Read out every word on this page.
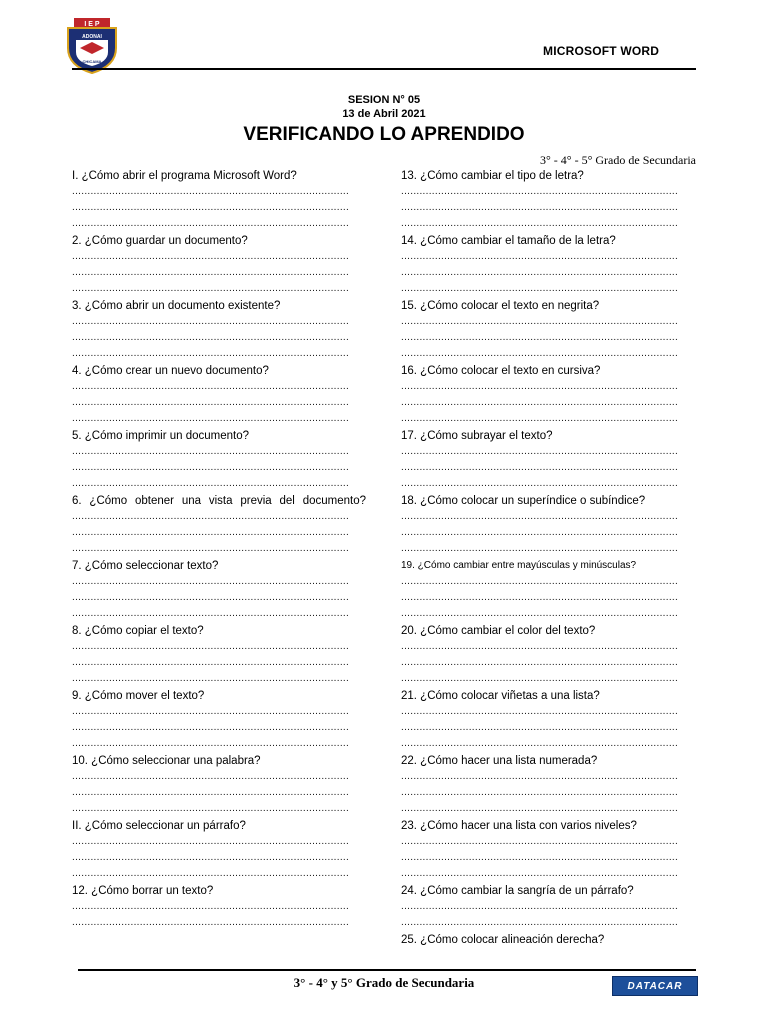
I E P
ADONAI
CHICAMA
MICROSOFT WORD
SESION N° 05
13 de Abril 2021
VERIFICANDO LO APRENDIDO
3° - 4° - 5° Grado de Secundaria
I. ¿Cómo abrir el programa Microsoft Word?
..........................................................................................
..........................................................................................
..........................................................................................
2. ¿Cómo guardar un documento?
..........................................................................................
..........................................................................................
..........................................................................................
3. ¿Cómo abrir un documento existente?
..........................................................................................
..........................................................................................
..........................................................................................
4. ¿Cómo crear un nuevo documento?
..........................................................................................
..........................................................................................
..........................................................................................
5. ¿Cómo imprimir un documento?
..........................................................................................
..........................................................................................
..........................................................................................
6. ¿Cómo obtener una vista previa del documento?
..........................................................................................
..........................................................................................
..........................................................................................
7. ¿Cómo seleccionar texto?
..........................................................................................
..........................................................................................
..........................................................................................
8. ¿Cómo copiar el texto?
..........................................................................................
..........................................................................................
..........................................................................................
9. ¿Cómo mover el texto?
..........................................................................................
..........................................................................................
..........................................................................................
10. ¿Cómo seleccionar una palabra?
..........................................................................................
..........................................................................................
..........................................................................................
II. ¿Cómo seleccionar un párrafo?
..........................................................................................
..........................................................................................
..........................................................................................
12. ¿Cómo borrar un texto?
..........................................................................................
..........................................................................................
13. ¿Cómo cambiar el tipo de letra?
..........................................................................................
..........................................................................................
..........................................................................................
14. ¿Cómo cambiar el tamaño de la letra?
..........................................................................................
..........................................................................................
..........................................................................................
15. ¿Cómo colocar el texto en negrita?
..........................................................................................
..........................................................................................
..........................................................................................
16. ¿Cómo colocar el texto en cursiva?
..........................................................................................
..........................................................................................
..........................................................................................
17. ¿Cómo subrayar el texto?
..........................................................................................
..........................................................................................
..........................................................................................
18. ¿Cómo colocar un superíndice o subíndice?
..........................................................................................
..........................................................................................
..........................................................................................
19. ¿Cómo cambiar entre mayúsculas y minúsculas?
..........................................................................................
..........................................................................................
..........................................................................................
20. ¿Cómo cambiar el color del texto?
..........................................................................................
..........................................................................................
..........................................................................................
21. ¿Cómo colocar viñetas a una lista?
..........................................................................................
..........................................................................................
..........................................................................................
22. ¿Cómo hacer una lista numerada?
..........................................................................................
..........................................................................................
..........................................................................................
23. ¿Cómo hacer una lista con varios niveles?
..........................................................................................
..........................................................................................
..........................................................................................
24. ¿Cómo cambiar la sangría de un párrafo?
..........................................................................................
..........................................................................................
25. ¿Cómo colocar alineación derecha?
3° - 4° y 5° Grado de Secundaria	DATACAR
